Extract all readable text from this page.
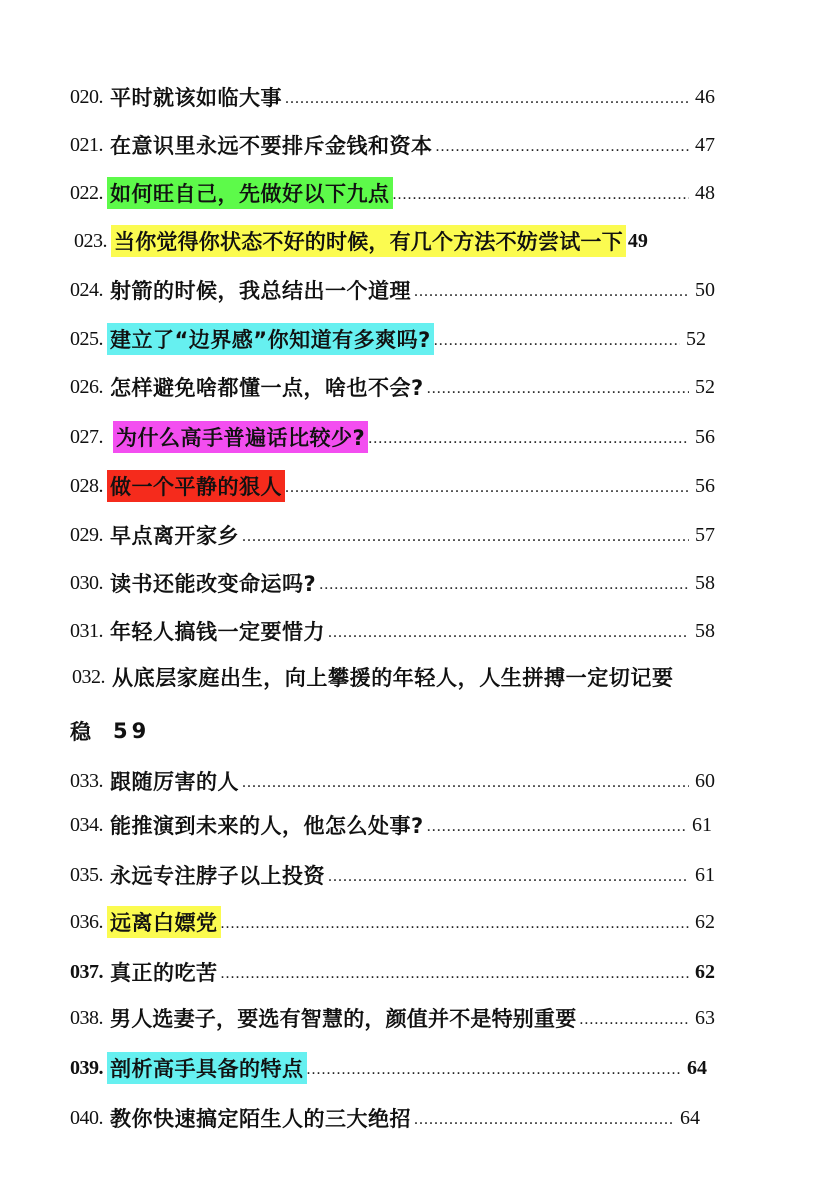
020. 平时就该如临大事 .....	46
021. 在意识里永远不要排斥金钱和资本 .....	47
022. 如何旺自己，先做好以下九点 .....	48
023. 当你觉得你状态不好的时候，有几个方法不妨尝试一下 49
024. 射箭的时候，我总结出一个道理 .....	50
025. 建立了“边界感”你知道有多爽吗? .....	52
026. 怎样避免啥都懂一点，啥也不会? .....	52
027. 为什么高手普遍话比较少? .....	56
028. 做一个平静的狠人 .....	56
029. 早点离开家乡 .....	57
030. 读书还能改变命运吗? .....	58
031. 年轻人搞钱一定要惜力 .....	58
032. 从底层家庭出生，向上攀援的年轻人，人生拼搏一定切记要
稳 59
033. 跟随厉害的人 .....	60
034. 能推演到未来的人，他怎么处事? .....	61
035. 永远专注脖子以上投资 .....	61
036. 远离白嫖党 .....	62
037. 真正的吃苦 .....	62
038. 男人选妻子，要选有智慧的，颜值并不是特别重要 .....	63
039. 剖析高手具备的特点 .....	64
040. 教你快速搞定陌生人的三大绝招 .....	64
